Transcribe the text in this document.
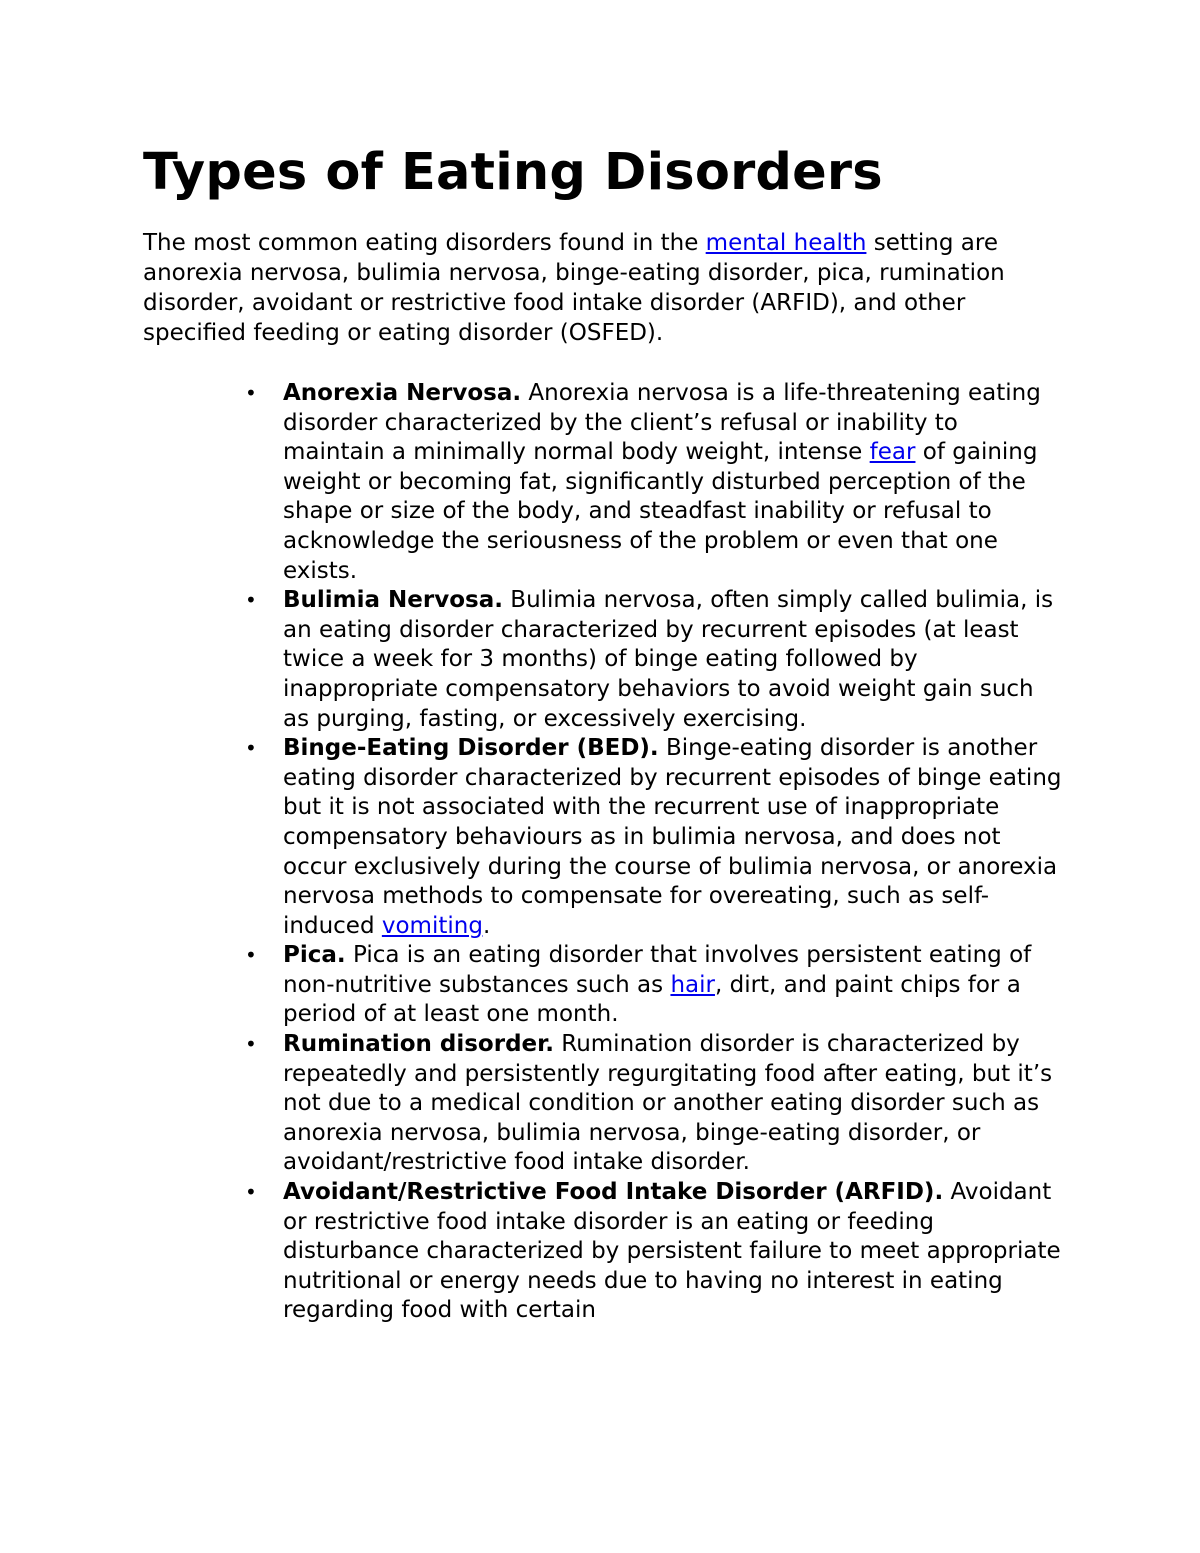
Types of Eating Disorders

The most common eating disorders found in the mental health setting are anorexia nervosa, bulimia nervosa, binge-eating disorder, pica, rumination disorder, avoidant or restrictive food intake disorder (ARFID), and other specified feeding or eating disorder (OSFED).

• Anorexia Nervosa. Anorexia nervosa is a life-threatening eating disorder characterized by the client’s refusal or inability to maintain a minimally normal body weight, intense fear of gaining weight or becoming fat, significantly disturbed perception of the shape or size of the body, and steadfast inability or refusal to acknowledge the seriousness of the problem or even that one exists.
• Bulimia Nervosa. Bulimia nervosa, often simply called bulimia, is an eating disorder characterized by recurrent episodes (at least twice a week for 3 months) of binge eating followed by inappropriate compensatory behaviors to avoid weight gain such as purging, fasting, or excessively exercising.
• Binge-Eating Disorder (BED). Binge-eating disorder is another eating disorder characterized by recurrent episodes of binge eating but it is not associated with the recurrent use of inappropriate compensatory behaviours as in bulimia nervosa, and does not occur exclusively during the course of bulimia nervosa, or anorexia nervosa methods to compensate for overeating, such as self-induced vomiting.
• Pica. Pica is an eating disorder that involves persistent eating of non-nutritive substances such as hair, dirt, and paint chips for a period of at least one month.
• Rumination disorder. Rumination disorder is characterized by repeatedly and persistently regurgitating food after eating, but it’s not due to a medical condition or another eating disorder such as anorexia nervosa, bulimia nervosa, binge-eating disorder, or avoidant/restrictive food intake disorder.
• Avoidant/Restrictive Food Intake Disorder (ARFID). Avoidant or restrictive food intake disorder is an eating or feeding disturbance characterized by persistent failure to meet appropriate nutritional or energy needs due to having no interest in eating regarding food with certain
